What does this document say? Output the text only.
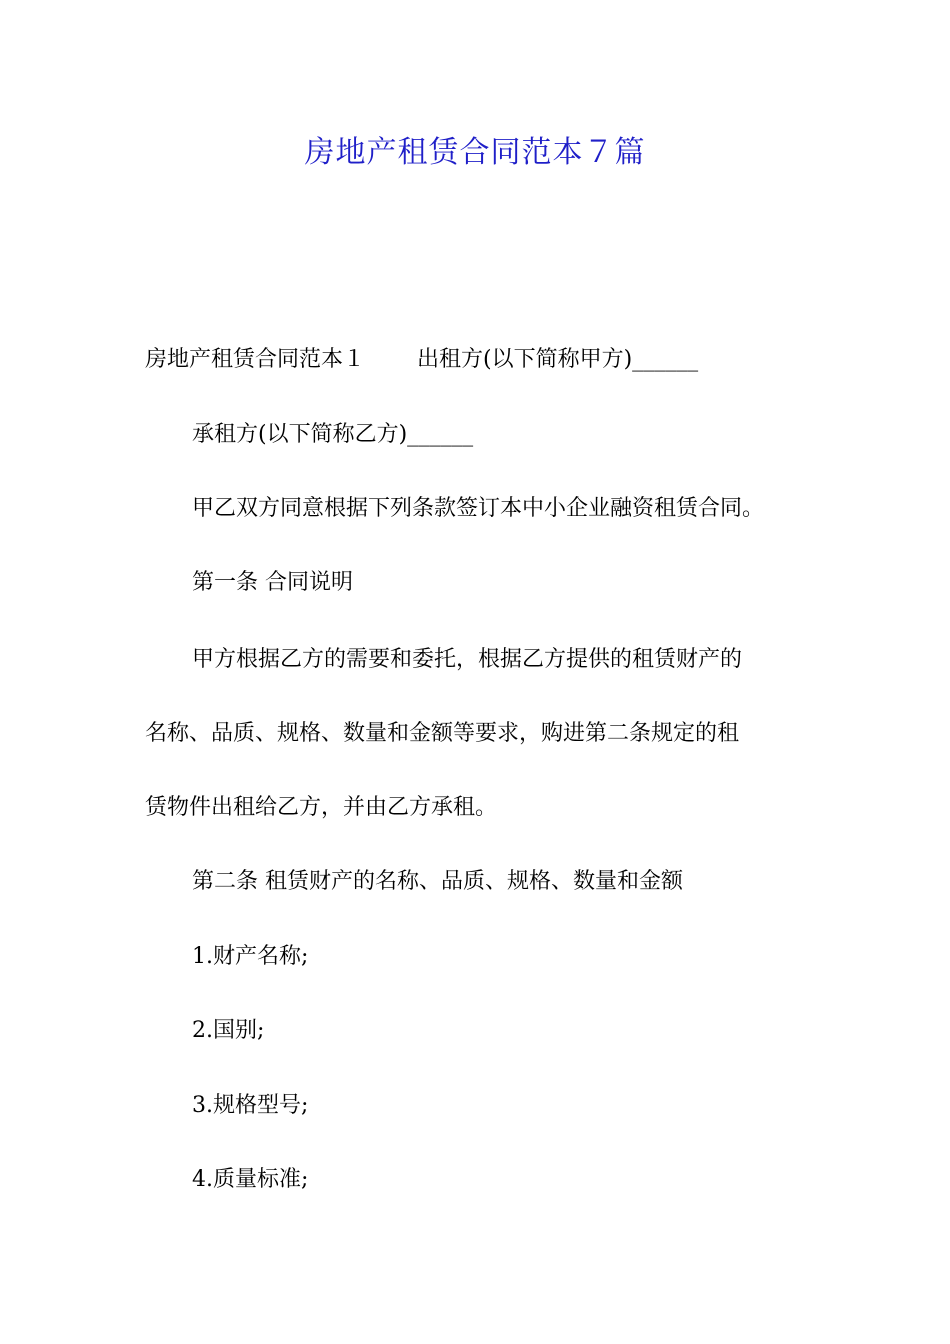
房地产租赁合同范本７篇

房地产租赁合同范本１ 出租方(以下简称甲方)______

承租方(以下简称乙方)______

甲乙双方同意根据下列条款签订本中小企业融资租赁合同。

第一条 合同说明

甲方根据乙方的需要和委托，根据乙方提供的租赁财产的

名称、品质、规格、数量和金额等要求，购进第二条规定的租

赁物件出租给乙方，并由乙方承租。

第二条 租赁财产的名称、品质、规格、数量和金额

1.财产名称;

2.国别;

3.规格型号;

4.质量标准;
